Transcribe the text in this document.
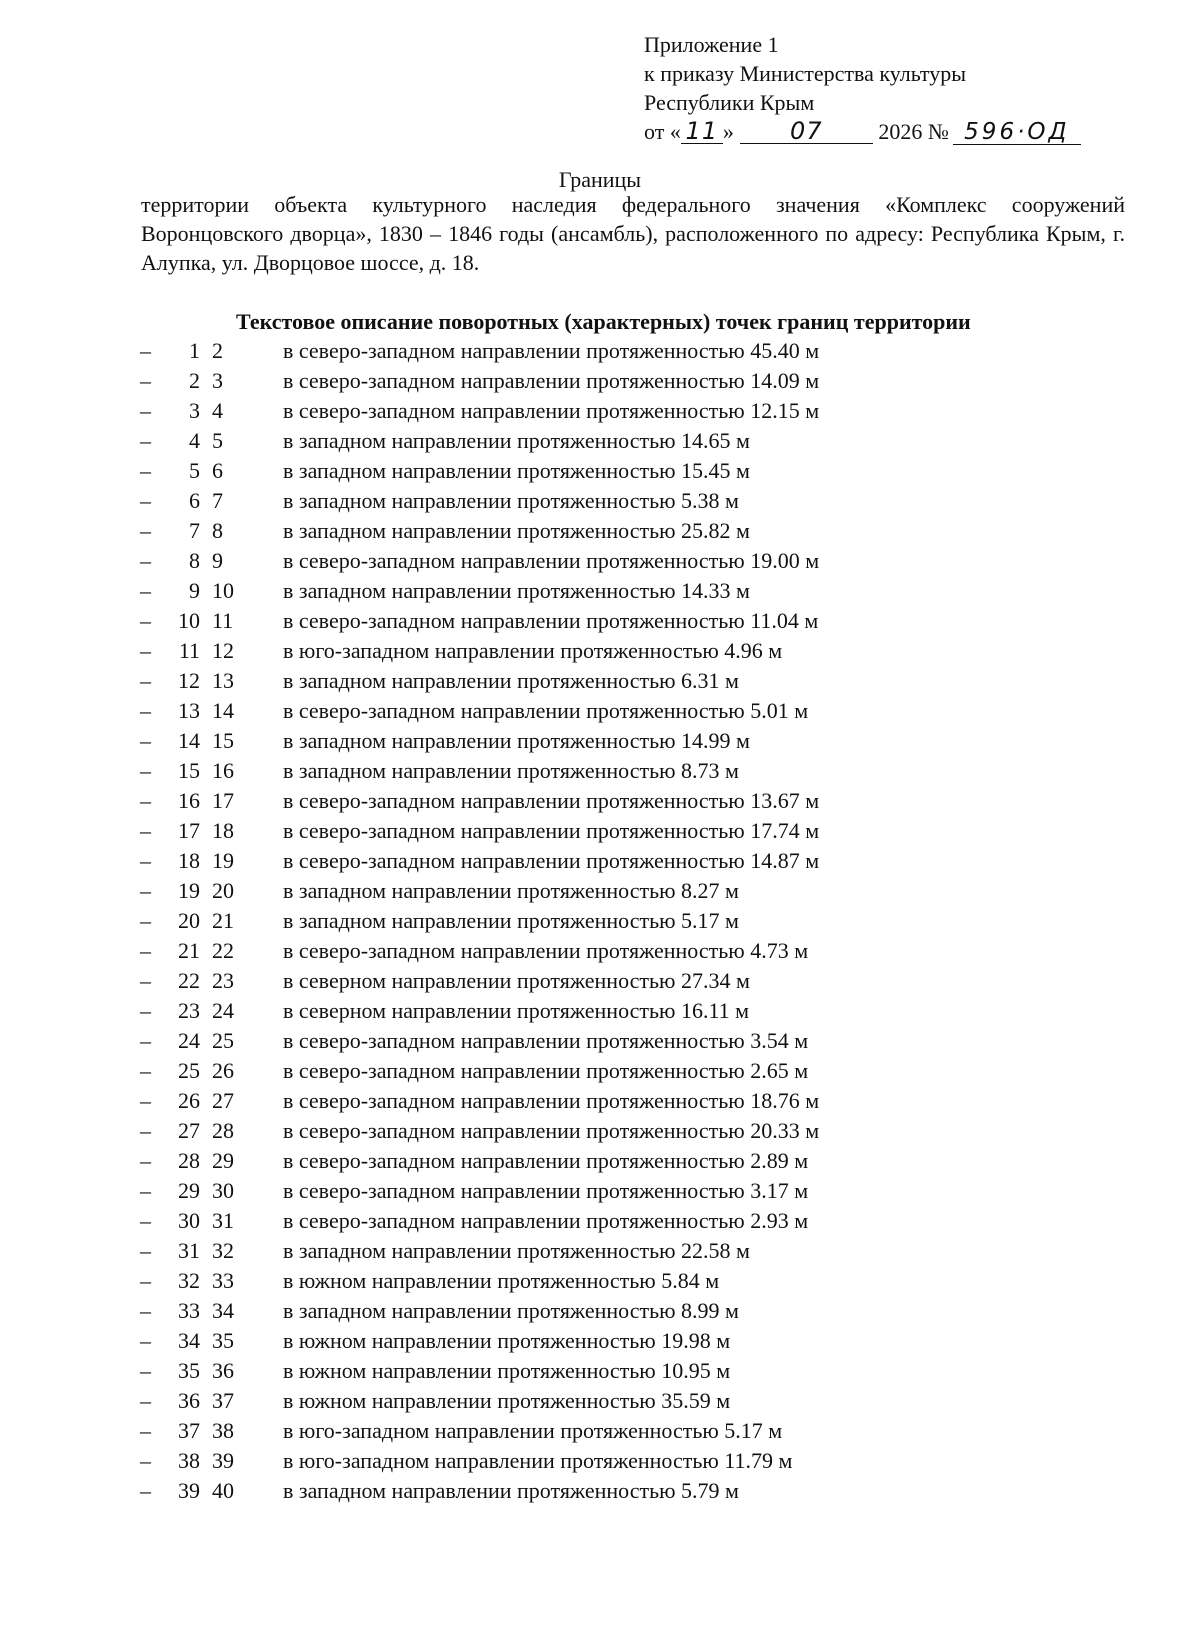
Приложение 1
к приказу Министерства культуры
Республики Крым
от « 11 » 07	2026 № 596·ОД
Границы
территории объекта культурного наследия федерального значения «Комплекс сооружений Воронцовского дворца», 1830 – 1846 годы (ансамбль), расположенного по адресу: Республика Крым, г. Алупка, ул. Дворцовое шоссе, д. 18.
Текстовое описание поворотных (характерных) точек границ территории
– 1 2	в северо-западном направлении протяженностью 45.40 м
– 2 3	в северо-западном направлении протяженностью 14.09 м
– 3 4	в северо-западном направлении протяженностью 12.15 м
– 4 5	в западном направлении протяженностью 14.65 м
– 5 6	в западном направлении протяженностью 15.45 м
– 6 7	в западном направлении протяженностью 5.38 м
– 7 8	в западном направлении протяженностью 25.82 м
– 8 9	в северо-западном направлении протяженностью 19.00 м
– 9 10 в западном направлении протяженностью 14.33 м
– 10 11 в северо-западном направлении протяженностью 11.04 м
– 11 12 в юго-западном направлении протяженностью 4.96 м
– 12 13 в западном направлении протяженностью 6.31 м
– 13 14 в северо-западном направлении протяженностью 5.01 м
– 14 15 в западном направлении протяженностью 14.99 м
– 15 16 в западном направлении протяженностью 8.73 м
– 16 17 в северо-западном направлении протяженностью 13.67 м
– 17 18 в северо-западном направлении протяженностью 17.74 м
– 18 19 в северо-западном направлении протяженностью 14.87 м
– 19 20 в западном направлении протяженностью 8.27 м
– 20 21 в западном направлении протяженностью 5.17 м
– 21 22 в северо-западном направлении протяженностью 4.73 м
– 22 23 в северном направлении протяженностью 27.34 м
– 23 24 в северном направлении протяженностью 16.11 м
– 24 25 в северо-западном направлении протяженностью 3.54 м
– 25 26 в северо-западном направлении протяженностью 2.65 м
– 26 27 в северо-западном направлении протяженностью 18.76 м
– 27 28 в северо-западном направлении протяженностью 20.33 м
– 28 29 в северо-западном направлении протяженностью 2.89 м
– 29 30 в северо-западном направлении протяженностью 3.17 м
– 30 31 в северо-западном направлении протяженностью 2.93 м
– 31 32 в западном направлении протяженностью 22.58 м
– 32 33 в южном направлении протяженностью 5.84 м
– 33 34 в западном направлении протяженностью 8.99 м
– 34 35 в южном направлении протяженностью 19.98 м
– 35 36 в южном направлении протяженностью 10.95 м
– 36 37 в южном направлении протяженностью 35.59 м
– 37 38 в юго-западном направлении протяженностью 5.17 м
– 38 39 в юго-западном направлении протяженностью 11.79 м
– 39 40 в западном направлении протяженностью 5.79 м
